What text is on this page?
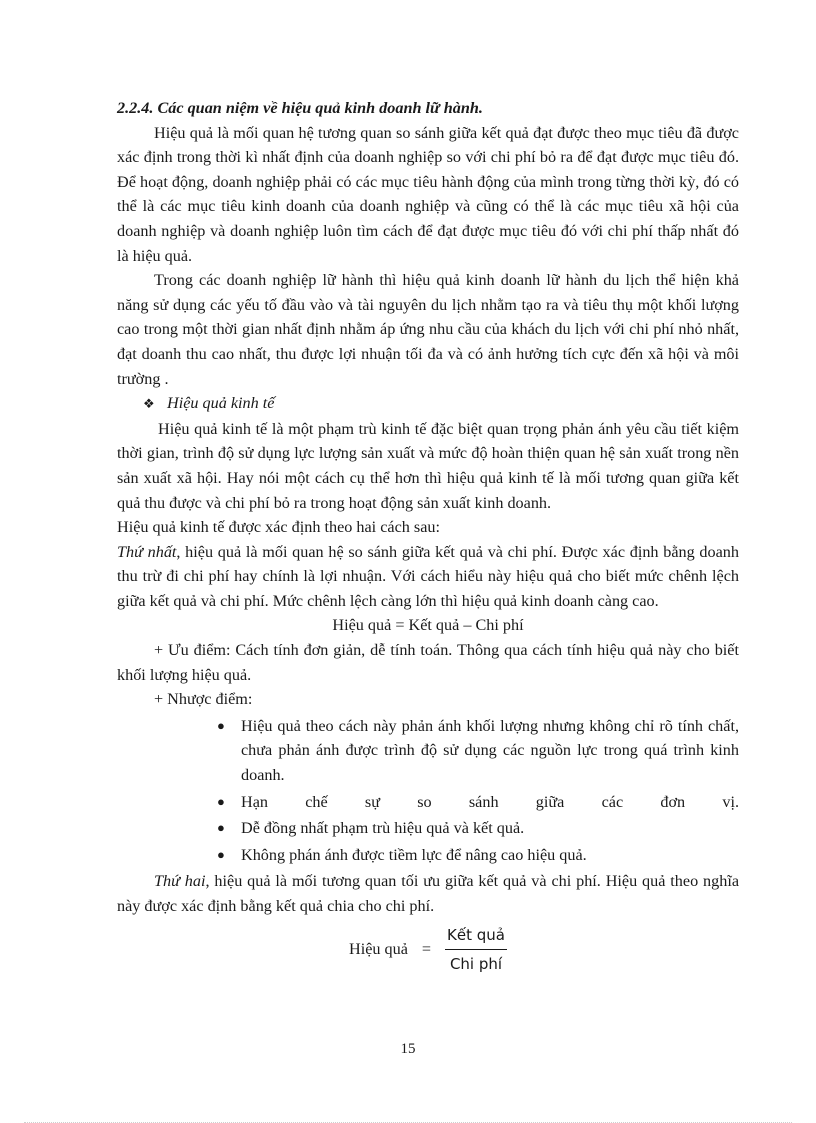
2.2.4. Các quan niệm về hiệu quả kinh doanh lữ hành.

Hiệu quả là mối quan hệ tương quan so sánh giữa kết quả đạt được theo mục tiêu đã được xác định trong thời kì nhất định của doanh nghiệp so với chi phí bỏ ra để đạt được mục tiêu đó. Để hoạt động, doanh nghiệp phải có các mục tiêu hành động của mình trong từng thời kỳ, đó có thể là các mục tiêu kinh doanh của doanh nghiệp và cũng có thể là các mục tiêu xã hội của doanh nghiệp và doanh nghiệp luôn tìm cách để đạt được mục tiêu đó với chi phí thấp nhất đó là hiệu quả.

Trong các doanh nghiệp lữ hành thì hiệu quả kinh doanh lữ hành du lịch thể hiện khả năng sử dụng các yếu tố đầu vào và tài nguyên du lịch nhằm tạo ra và tiêu thụ một khối lượng cao trong một thời gian nhất định nhằm áp ứng nhu cầu của khách du lịch với chi phí nhỏ nhất, đạt doanh thu cao nhất, thu được lợi nhuận tối đa và có ảnh hưởng tích cực đến xã hội và môi trường .

❖ Hiệu quả kinh tế

Hiệu quả kinh tế là một phạm trù kinh tế đặc biệt quan trọng phản ánh yêu cầu tiết kiệm thời gian, trình độ sử dụng lực lượng sản xuất và mức độ hoàn thiện quan hệ sản xuất trong nền sản xuất xã hội. Hay nói một cách cụ thể hơn thì hiệu quả kinh tế là mối tương quan giữa kết quả thu được và chi phí bỏ ra trong hoạt động sản xuất kinh doanh.

Hiệu quả kinh tế được xác định theo hai cách sau:

Thứ nhất, hiệu quả là mối quan hệ so sánh giữa kết quả và chi phí. Được xác định bằng doanh thu trừ đi chi phí hay chính là lợi nhuận. Với cách hiểu này hiệu quả cho biết mức chênh lệch giữa kết quả và chi phí. Mức chênh lệch càng lớn thì hiệu quả kinh doanh càng cao.

Hiệu quả = Kết quả – Chi phí

+ Ưu điểm: Cách tính đơn giản, dễ tính toán. Thông qua cách tính hiệu quả này cho biết khối lượng hiệu quả.

+ Nhược điểm:

● Hiệu quả theo cách này phản ánh khối lượng nhưng không chỉ rõ tính chất, chưa phản ánh được trình độ sử dụng các nguồn lực trong quá trình kinh doanh.
● Hạn chế sự so sánh giữa các đơn vị.
● Dễ đồng nhất phạm trù hiệu quả và kết quả.
● Không phán ánh được tiềm lực để nâng cao hiệu quả.

Thứ hai, hiệu quả là mối tương quan tối ưu giữa kết quả và chi phí. Hiệu quả theo nghĩa này được xác định bằng kết quả chia cho chi phí.

Hiệu quả = $\frac{\text{Kết quả}}{\text{Chi phí}}$
15
